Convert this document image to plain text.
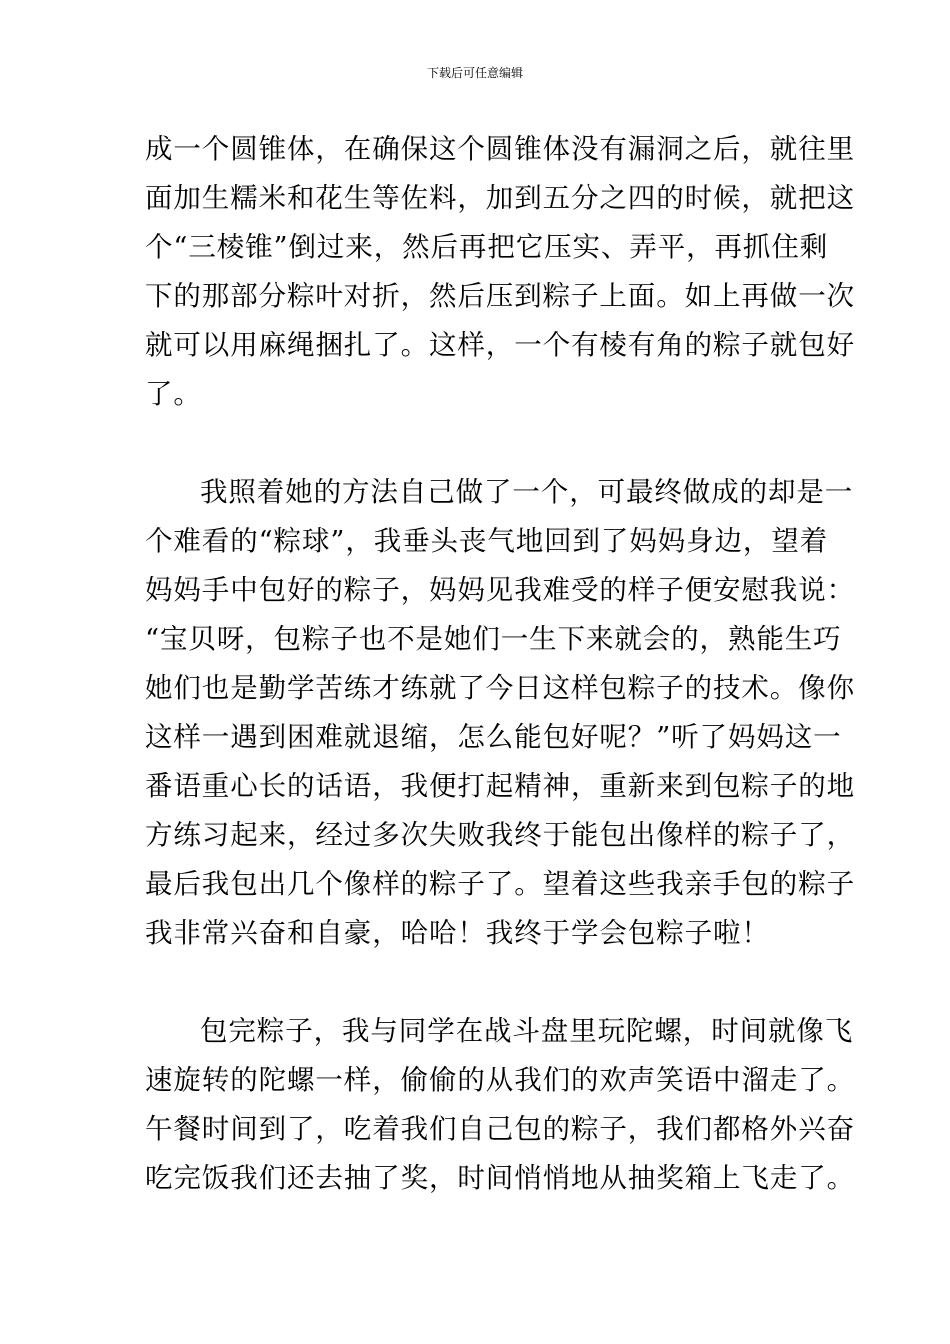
下载后可任意编辑
成一个圆锥体，在确保这个圆锥体没有漏洞之后，就往里
面加生糯米和花生等佐料，加到五分之四的时候，就把这
个“三棱锥”倒过来，然后再把它压实、弄平，再抓住剩
下的那部分粽叶对折，然后压到粽子上面。如上再做一次
就可以用麻绳捆扎了。这样，一个有棱有角的粽子就包好
了。
我照着她的方法自己做了一个，可最终做成的却是一
个难看的“粽球”，我垂头丧气地回到了妈妈身边，望着
妈妈手中包好的粽子，妈妈见我难受的样子便安慰我说：
“宝贝呀，包粽子也不是她们一生下来就会的，熟能生巧
她们也是勤学苦练才练就了今日这样包粽子的技术。像你
这样一遇到困难就退缩，怎么能包好呢？”听了妈妈这一
番语重心长的话语，我便打起精神，重新来到包粽子的地
方练习起来，经过多次失败我终于能包出像样的粽子了，
最后我包出几个像样的粽子了。望着这些我亲手包的粽子
我非常兴奋和自豪，哈哈！我终于学会包粽子啦！
包完粽子，我与同学在战斗盘里玩陀螺，时间就像飞
速旋转的陀螺一样，偷偷的从我们的欢声笑语中溜走了。
午餐时间到了，吃着我们自己包的粽子，我们都格外兴奋
吃完饭我们还去抽了奖，时间悄悄地从抽奖箱上飞走了。
